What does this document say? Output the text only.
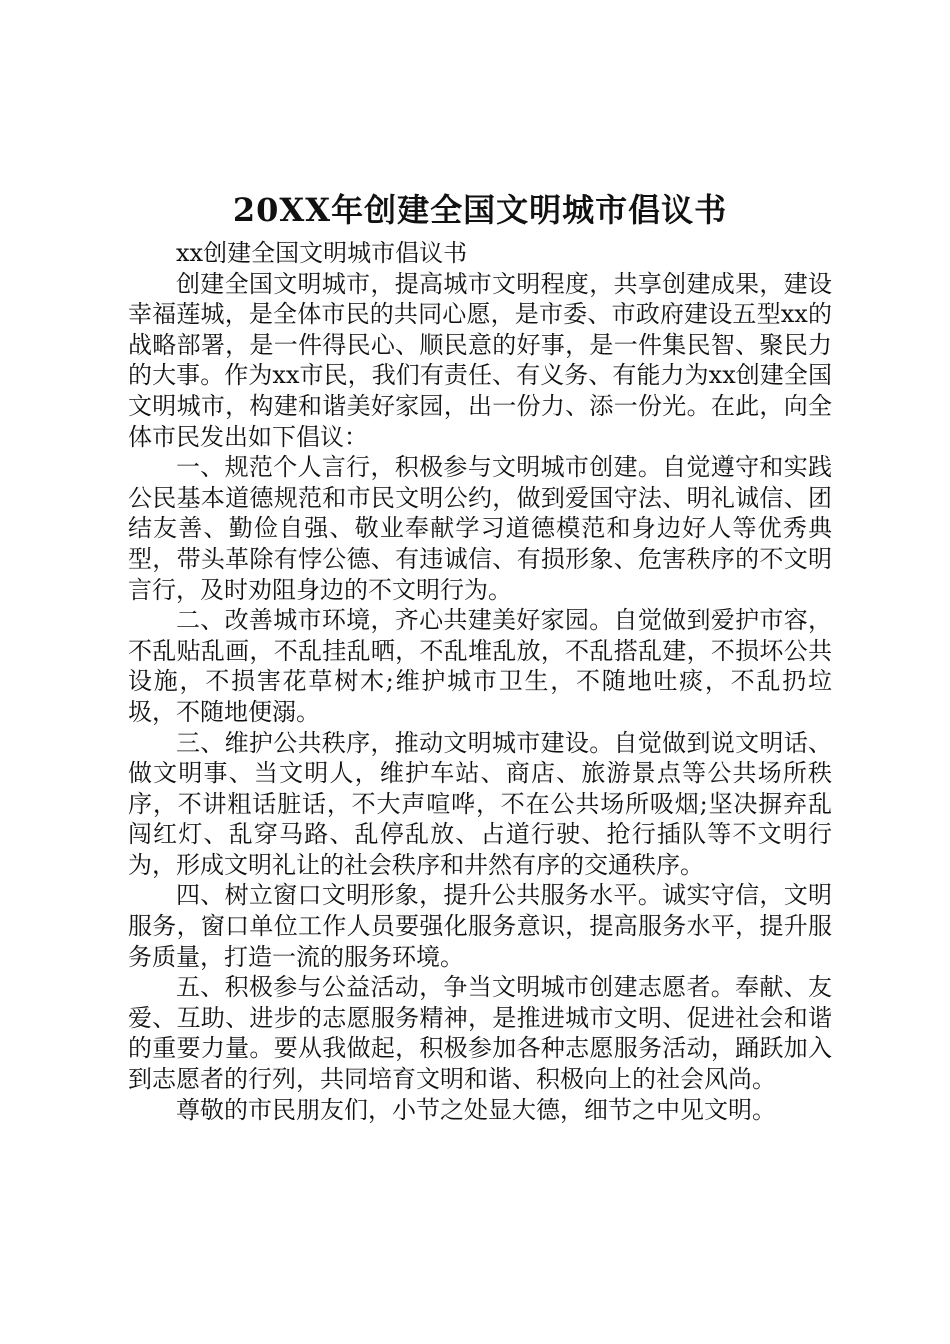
20XX年创建全国文明城市倡议书

xx创建全国文明城市倡议书

创建全国文明城市，提高城市文明程度，共享创建成果，建设幸福莲城，是全体市民的共同心愿，是市委、市政府建设五型xx的战略部署，是一件得民心、顺民意的好事，是一件集民智、聚民力的大事。作为xx市民，我们有责任、有义务、有能力为xx创建全国文明城市，构建和谐美好家园，出一份力、添一份光。在此，向全体市民发出如下倡议：

一、规范个人言行，积极参与文明城市创建。自觉遵守和实践公民基本道德规范和市民文明公约，做到爱国守法、明礼诚信、团结友善、勤俭自强、敬业奉献学习道德模范和身边好人等优秀典型，带头革除有悖公德、有违诚信、有损形象、危害秩序的不文明言行，及时劝阻身边的不文明行为。

二、改善城市环境，齐心共建美好家园。自觉做到爱护市容，不乱贴乱画，不乱挂乱晒，不乱堆乱放，不乱搭乱建，不损坏公共设施，不损害花草树木;维护城市卫生，不随地吐痰，不乱扔垃圾，不随地便溺。

三、维护公共秩序，推动文明城市建设。自觉做到说文明话、做文明事、当文明人，维护车站、商店、旅游景点等公共场所秩序，不讲粗话脏话，不大声喧哗，不在公共场所吸烟;坚决摒弃乱闯红灯、乱穿马路、乱停乱放、占道行驶、抢行插队等不文明行为，形成文明礼让的社会秩序和井然有序的交通秩序。

四、树立窗口文明形象，提升公共服务水平。诚实守信，文明服务，窗口单位工作人员要强化服务意识，提高服务水平，提升服务质量，打造一流的服务环境。

五、积极参与公益活动，争当文明城市创建志愿者。奉献、友爱、互助、进步的志愿服务精神，是推进城市文明、促进社会和谐的重要力量。要从我做起，积极参加各种志愿服务活动，踊跃加入到志愿者的行列，共同培育文明和谐、积极向上的社会风尚。

尊敬的市民朋友们，小节之处显大德，细节之中见文明。
